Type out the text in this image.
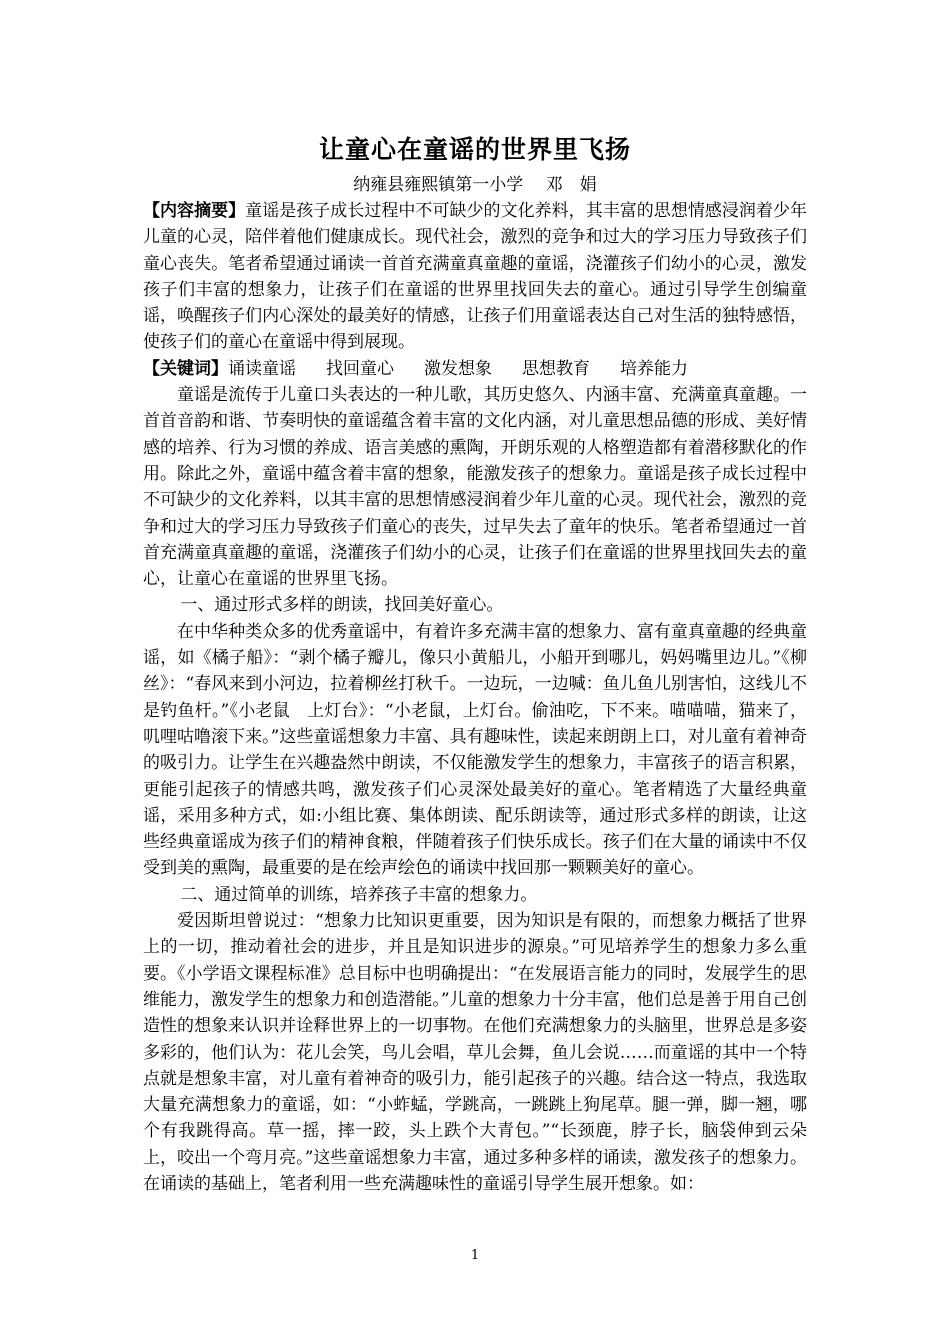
让童心在童谣的世界里飞扬
纳雍县雍熙镇第一小学　 邓　娟

【内容摘要】童谣是孩子成长过程中不可缺少的文化养料，其丰富的思想情感浸润着少年儿童的心灵，陪伴着他们健康成长。现代社会，激烈的竞争和过大的学习压力导致孩子们童心丧失。笔者希望通过诵读一首首充满童真童趣的童谣，浇灌孩子们幼小的心灵，激发孩子们丰富的想象力，让孩子们在童谣的世界里找回失去的童心。通过引导学生创编童谣，唤醒孩子们内心深处的最美好的情感，让孩子们用童谣表达自己对生活的独特感悟，使孩子们的童心在童谣中得到展现。

【关键词】诵读童谣 找回童心 激发想象 思想教育 培养能力

童谣是流传于儿童口头表达的一种儿歌，其历史悠久、内涵丰富、充满童真童趣。一首首音韵和谐、节奏明快的童谣蕴含着丰富的文化内涵，对儿童思想品德的形成、美好情感的培养、行为习惯的养成、语言美感的熏陶，开朗乐观的人格塑造都有着潜移默化的作用。除此之外，童谣中蕴含着丰富的想象，能激发孩子的想象力。童谣是孩子成长过程中不可缺少的文化养料，以其丰富的思想情感浸润着少年儿童的心灵。现代社会，激烈的竞争和过大的学习压力导致孩子们童心的丧失，过早失去了童年的快乐。笔者希望通过一首首充满童真童趣的童谣，浇灌孩子们幼小的心灵，让孩子们在童谣的世界里找回失去的童心，让童心在童谣的世界里飞扬。

一、通过形式多样的朗读，找回美好童心。

在中华种类众多的优秀童谣中，有着许多充满丰富的想象力、富有童真童趣的经典童谣，如《橘子船》：“剥个橘子瓣儿，像只小黄船儿，小船开到哪儿，妈妈嘴里边儿。”《柳丝》：“春风来到小河边，拉着柳丝打秋千。一边玩，一边喊：鱼儿鱼儿别害怕，这线儿不是钓鱼杆。”《小老鼠　上灯台》：“小老鼠，上灯台。偷油吃，下不来。喵喵喵，猫来了，叽哩咕噜滚下来。”这些童谣想象力丰富、具有趣味性，读起来朗朗上口，对儿童有着神奇的吸引力。让学生在兴趣盎然中朗读，不仅能激发学生的想象力，丰富孩子的语言积累，更能引起孩子的情感共鸣，激发孩子们心灵深处最美好的童心。笔者精选了大量经典童谣，采用多种方式，如:小组比赛、集体朗读、配乐朗读等，通过形式多样的朗读，让这些经典童谣成为孩子们的精神食粮，伴随着孩子们快乐成长。孩子们在大量的诵读中不仅受到美的熏陶，最重要的是在绘声绘色的诵读中找回那一颗颗美好的童心。

二、通过简单的训练，培养孩子丰富的想象力。

爱因斯坦曾说过：“想象力比知识更重要，因为知识是有限的，而想象力概括了世界上的一切，推动着社会的进步，并且是知识进步的源泉。”可见培养学生的想象力多么重要。《小学语文课程标准》总目标中也明确提出：“在发展语言能力的同时，发展学生的思维能力，激发学生的想象力和创造潜能。”儿童的想象力十分丰富，他们总是善于用自己创造性的想象来认识并诠释世界上的一切事物。在他们充满想象力的头脑里，世界总是多姿多彩的，他们认为：花儿会笑，鸟儿会唱，草儿会舞，鱼儿会说……而童谣的其中一个特点就是想象丰富，对儿童有着神奇的吸引力，能引起孩子的兴趣。结合这一特点，我选取大量充满想象力的童谣，如：“小蚱蜢，学跳高，一跳跳上狗尾草。腿一弹，脚一翘，哪个有我跳得高。草一摇，摔一跤，头上跌个大青包。”“长颈鹿，脖子长，脑袋伸到云朵上，咬出一个弯月亮。”这些童谣想象力丰富，通过多种多样的诵读，激发孩子的想象力。在诵读的基础上，笔者利用一些充满趣味性的童谣引导学生展开想象。如：

1
